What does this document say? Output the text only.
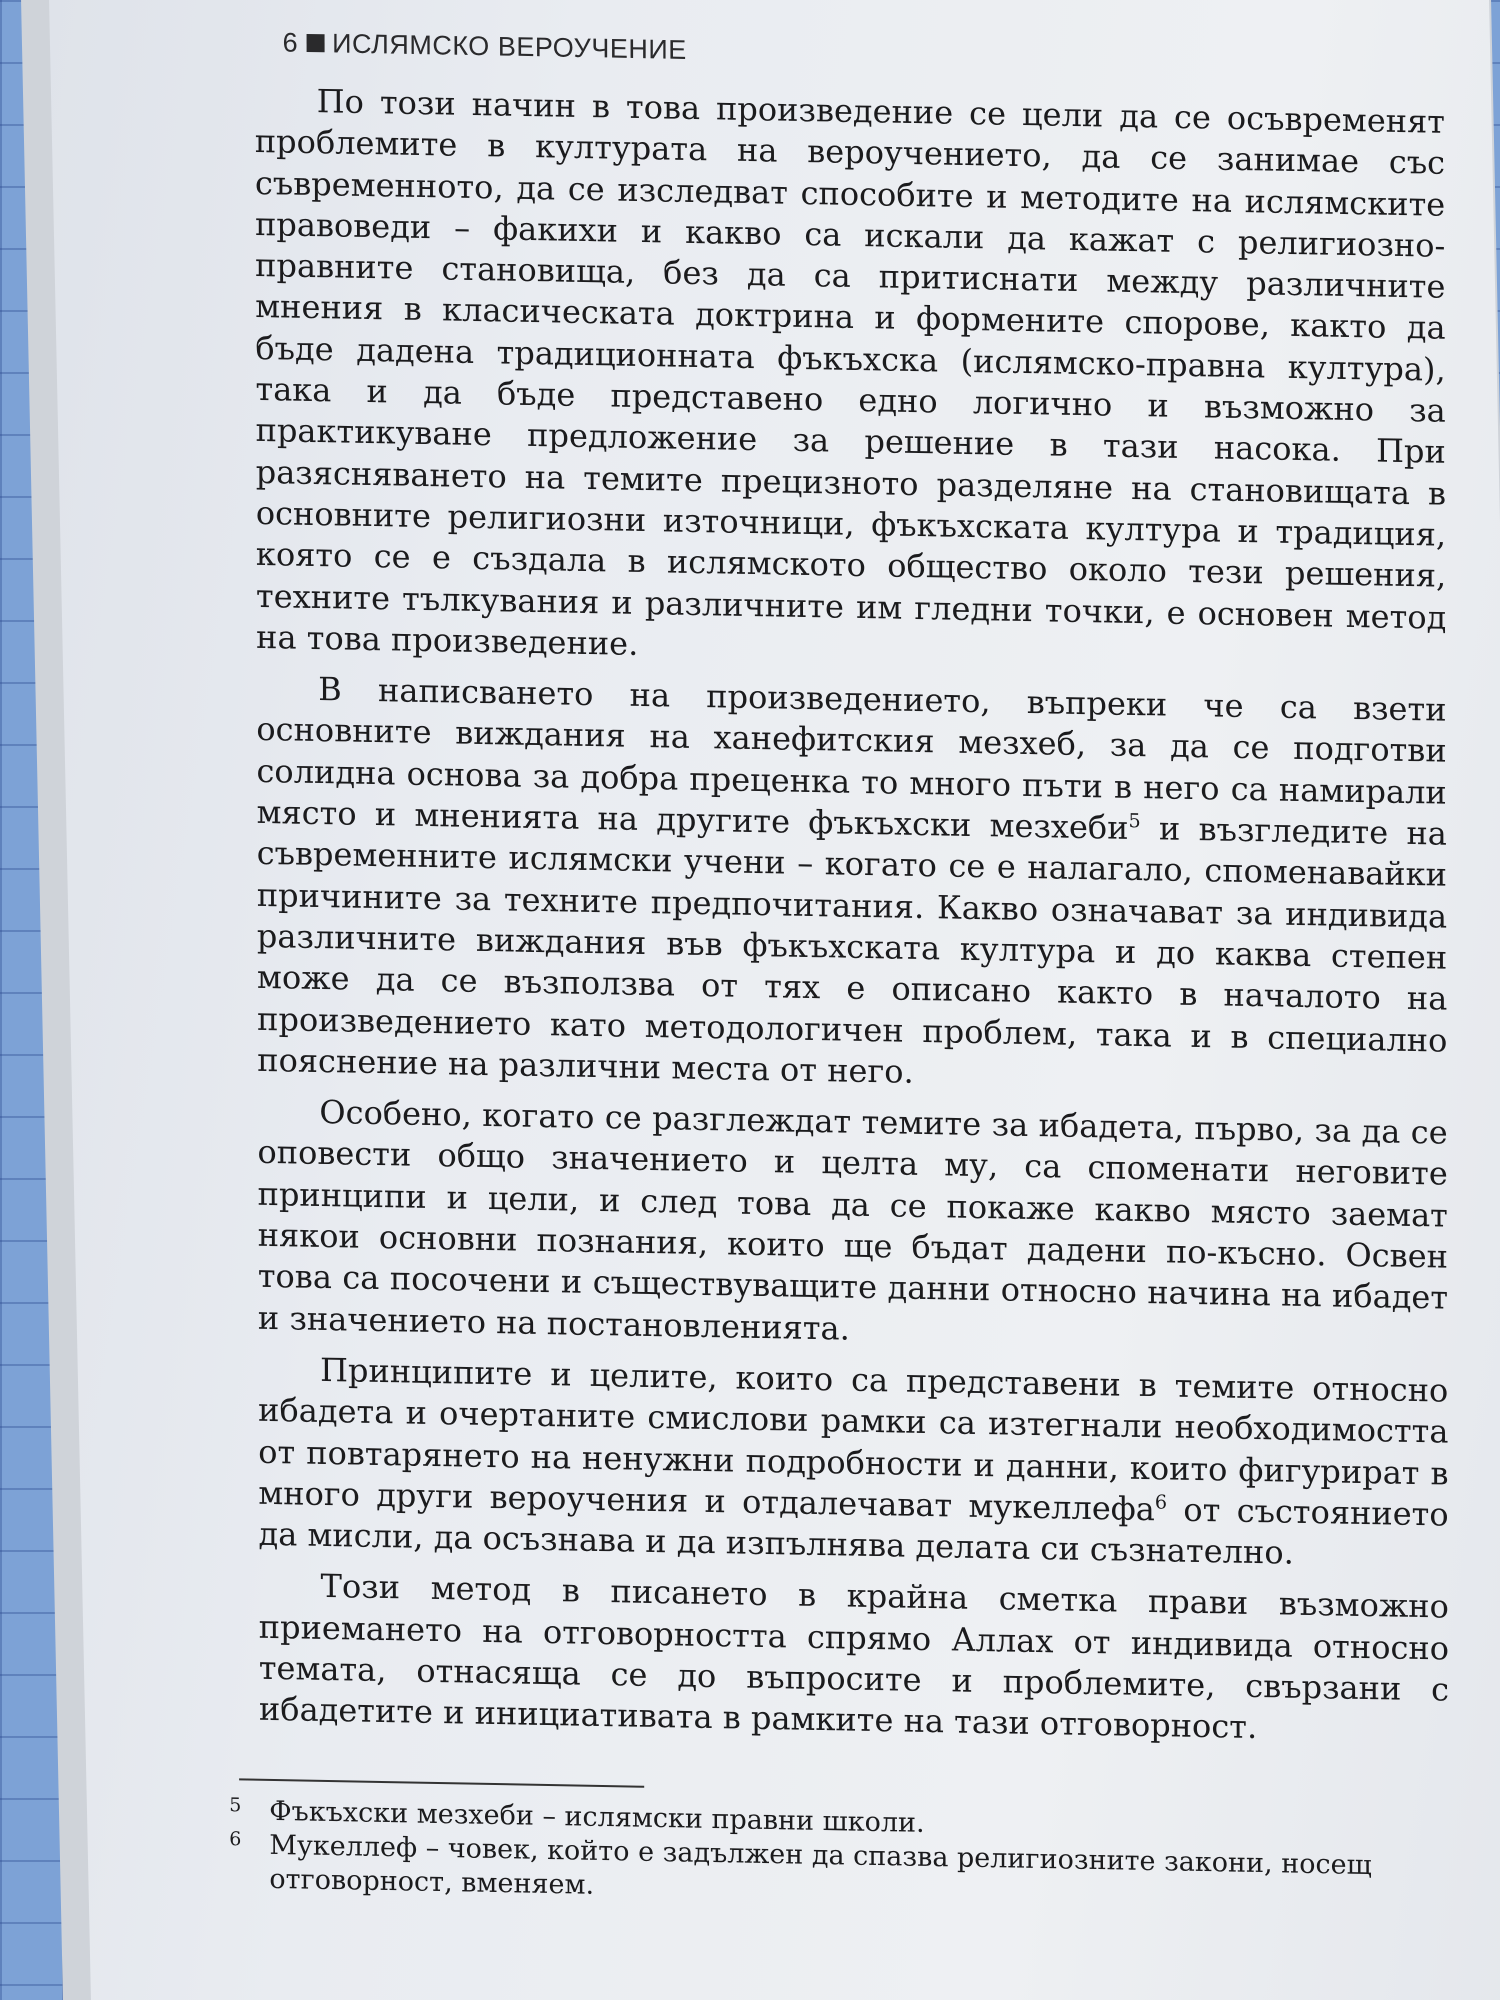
6 ИСЛЯМСКО ВЕРОУЧЕНИЕ

По този начин в това произведение се цели да се осъвременят проблемите в културата на вероучението, да се занимае със съвременното, да се изследват способите и методите на ислямските правоведи – факихи и какво са искали да кажат с религиозно-правните становища, без да са притиснати между различните мнения в класическата доктрина и формените спорове, както да бъде дадена традиционната фъкъхска (ислямско-правна култура), така и да бъде представено едно логично и възможно за практикуване предложение за решение в тази насока. При разясняването на темите прецизното разделяне на становищата в основните религиозни източници, фъкъхската култура и традиция, която се е създала в ислямското общество около тези решения, техните тълкувания и различните им гледни точки, е основен метод на това произведение.

В написването на произведението, въпреки че са взети основните виждания на ханефитския мезхеб, за да се подготви солидна основа за добра преценка то много пъти в него са намирали място и мненията на другите фъкъхски мезхеби$^5$ и възгледите на съвременните ислямски учени – когато се е налагало, споменавайки причините за техните предпочитания. Какво означават за индивида различните виждания във фъкъхската култура и до каква степен може да се възползва от тях е описано както в началото на произведението като методологичен проблем, така и в специално пояснение на различни места от него.

Особено, когато се разглеждат темите за ибадета, първо, за да се оповести общо значението и целта му, са споменати неговите принципи и цели, и след това да се покаже какво място заемат някои основни познания, които ще бъдат дадени по-късно. Освен това са посочени и съществуващите данни относно начина на ибадет и значението на постановленията.

Принципите и целите, които са представени в темите относно ибадета и очертаните смислови рамки са изтегнали необходимостта от повтарянето на ненужни подробности и данни, които фигурират в много други вероучения и отдалечават мукеллефа$^6$ от състоянието да мисли, да осъзнава и да изпълнява делата си съзнателно.

Този метод в писането в крайна сметка прави възможно приемането на отговорността спрямо Аллах от индивида относно темата, отнасяща се до въпросите и проблемите, свързани с ибадетите и инициативата в рамките на тази отговорност.

5	Фъкъхски мезхеби – ислямски правни школи.
6	Мукеллеф – човек, който е задължен да спазва религиозните закони, носещ отговорност, вменяем.
